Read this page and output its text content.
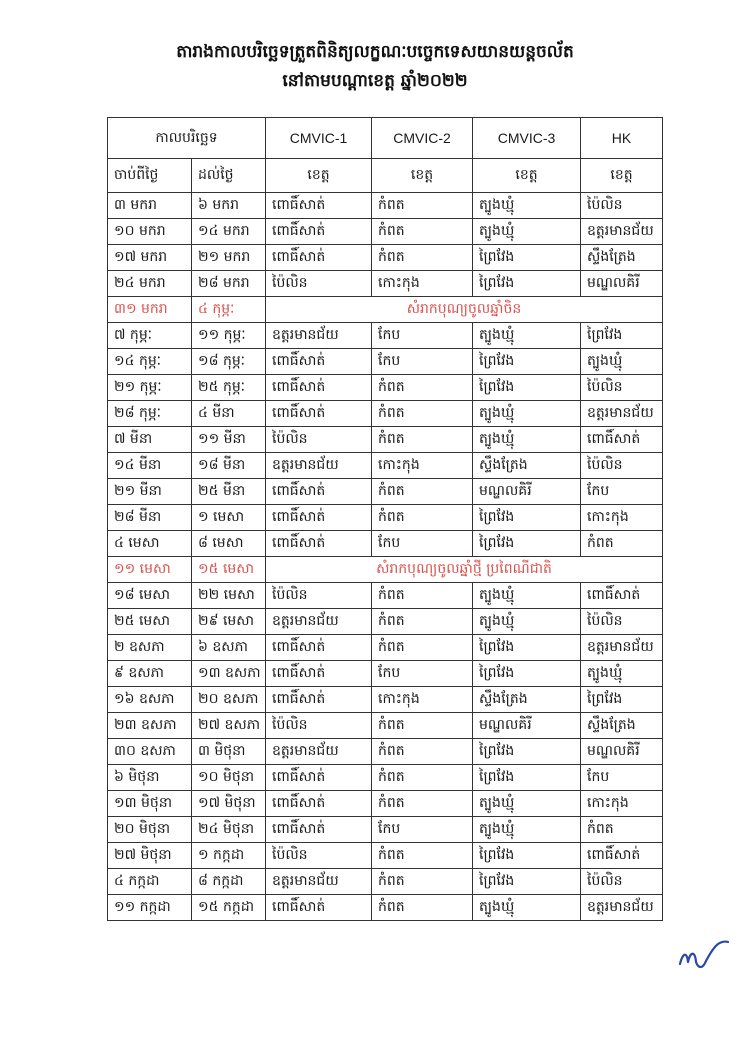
តារាងកាលបរិច្ឆេទត្រួតពិនិត្យលក្ខណៈបច្ចេកទេសយានយន្តចល័ត
នៅតាមបណ្តាខេត្ត ឆ្នាំ២០២២
កាលបរិច្ឆេទ		CMVIC-1	CMVIC-2	CMVIC-3	HK
ចាប់ពីថ្ងៃ	ដល់ថ្ងៃ	ខេត្ត	ខេត្ត	ខេត្ត	ខេត្ត
៣ មករា	៦ មករា	ពោធិ៍សាត់	កំពត	ត្បូងឃ្មុំ	ប៉ៃលិន
១០ មករា	១៤ មករា	ពោធិ៍សាត់	កំពត	ត្បូងឃ្មុំ	ឧត្តរមានជ័យ
១៧ មករា	២១ មករា	ពោធិ៍សាត់	កំពត	ព្រៃវែង	ស្ទឹងត្រែង
២៤ មករា	២៨ មករា	ប៉ៃលិន	កោះកុង	ព្រៃវែង	មណ្ឌលគិរី
៣១ មករា	៤ កុម្ភៈ	សំរាកបុណ្យចូលឆ្នាំចិន			
៧ កុម្ភៈ	១១ កុម្ភៈ	ឧត្តរមានជ័យ	កែប	ត្បូងឃ្មុំ	ព្រៃវែង
១៤ កុម្ភៈ	១៨ កុម្ភៈ	ពោធិ៍សាត់	កែប	ព្រៃវែង	ត្បូងឃ្មុំ
២១ កុម្ភៈ	២៥ កុម្ភៈ	ពោធិ៍សាត់	កំពត	ព្រៃវែង	ប៉ៃលិន
២៨ កុម្ភៈ	៤ មីនា	ពោធិ៍សាត់	កំពត	ត្បូងឃ្មុំ	ឧត្តរមានជ័យ
៧ មីនា	១១ មីនា	ប៉ៃលិន	កំពត	ត្បូងឃ្មុំ	ពោធិ៍សាត់
១៤ មីនា	១៨ មីនា	ឧត្តរមានជ័យ	កោះកុង	ស្ទឹងត្រែង	ប៉ៃលិន
២១ មីនា	២៥ មីនា	ពោធិ៍សាត់	កំពត	មណ្ឌលគិរី	កែប
២៨ មីនា	១ មេសា	ពោធិ៍សាត់	កំពត	ព្រៃវែង	កោះកុង
៤ មេសា	៨ មេសា	ពោធិ៍សាត់	កែប	ព្រៃវែង	កំពត
១១ មេសា	១៥ មេសា	សំរាកបុណ្យចូលឆ្នាំថ្មី ប្រពៃណីជាតិ			
១៨ មេសា	២២ មេសា	ប៉ៃលិន	កំពត	ត្បូងឃ្មុំ	ពោធិ៍សាត់
២៥ មេសា	២៩ មេសា	ឧត្តរមានជ័យ	កំពត	ត្បូងឃ្មុំ	ប៉ៃលិន
២ ឧសភា	៦ ឧសភា	ពោធិ៍សាត់	កំពត	ព្រៃវែង	ឧត្តរមានជ័យ
៩ ឧសភា	១៣ ឧសភា	ពោធិ៍សាត់	កែប	ព្រៃវែង	ត្បូងឃ្មុំ
១៦ ឧសភា	២០ ឧសភា	ពោធិ៍សាត់	កោះកុង	ស្ទឹងត្រែង	ព្រៃវែង
២៣ ឧសភា	២៧ ឧសភា	ប៉ៃលិន	កំពត	មណ្ឌលគិរី	ស្ទឹងត្រែង
៣០ ឧសភា	៣ មិថុនា	ឧត្តរមានជ័យ	កំពត	ព្រៃវែង	មណ្ឌលគិរី
៦ មិថុនា	១០ មិថុនា	ពោធិ៍សាត់	កំពត	ព្រៃវែង	កែប
១៣ មិថុនា	១៧ មិថុនា	ពោធិ៍សាត់	កំពត	ត្បូងឃ្មុំ	កោះកុង
២០ មិថុនា	២៤ មិថុនា	ពោធិ៍សាត់	កែប	ត្បូងឃ្មុំ	កំពត
២៧ មិថុនា	១ កក្កដា	ប៉ៃលិន	កំពត	ព្រៃវែង	ពោធិ៍សាត់
៤ កក្កដា	៨ កក្កដា	ឧត្តរមានជ័យ	កំពត	ព្រៃវែង	ប៉ៃលិន
១១ កក្កដា	១៥ កក្កដា	ពោធិ៍សាត់	កំពត	ត្បូងឃ្មុំ	ឧត្តរមានជ័យ
